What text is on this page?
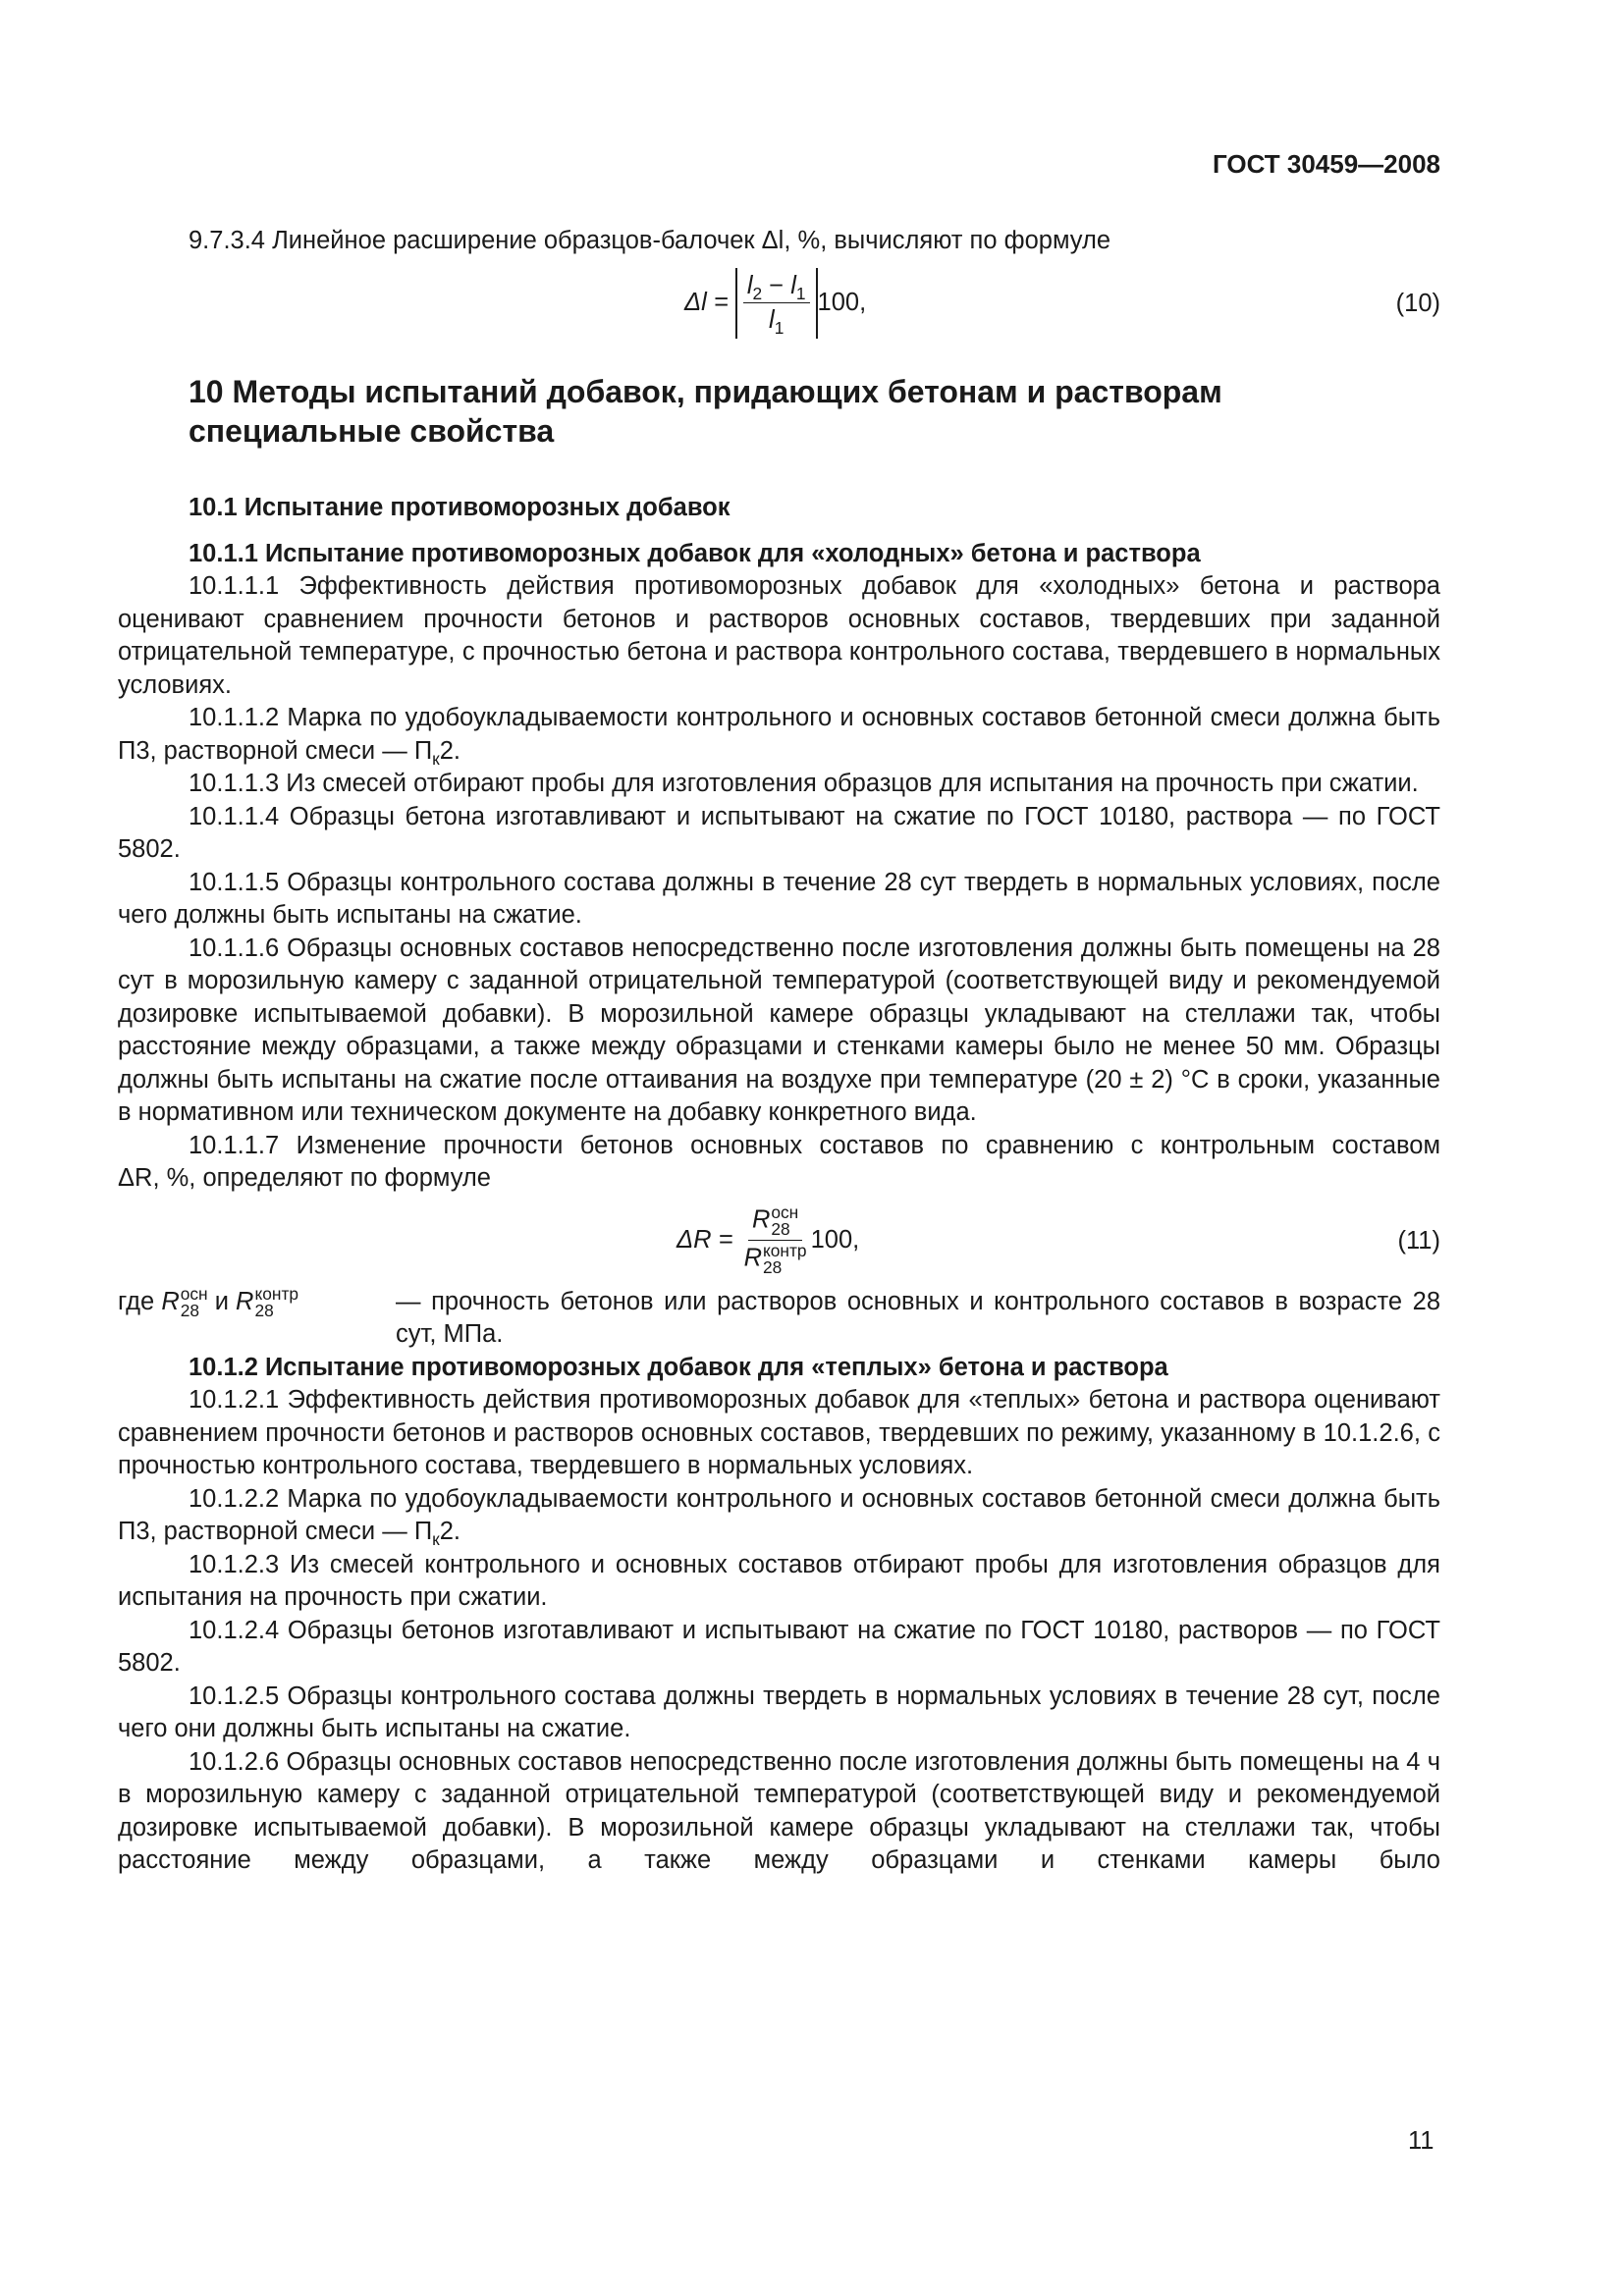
ГОСТ 30459—2008

9.7.3.4 Линейное расширение образцов-балочек Δl, %, вычисляют по формуле

Δl =
$\frac{l_2 - l_1}{l_1} 100$,	(10)
10 Методы испытаний добавок, придающих бетонам и растворам
специальные свойства
10.1 Испытание противоморозных добавок
10.1.1 Испытание противоморозных добавок для «холодных» бетона и раствора

10.1.1.1 Эффективность действия противоморозных добавок для «холодных» бетона и раствора оценивают сравнением прочности бетонов и растворов основных составов, твердевших при заданной отрицательной температуре, с прочностью бетона и раствора контрольного состава, твердевшего в нормальных условиях.

10.1.1.2 Марка по удобоукладываемости контрольного и основных составов бетонной смеси должна быть П3, растворной смеси — $П_к2$.

10.1.1.3 Из смесей отбирают пробы для изготовления образцов для испытания на прочность при сжатии.

10.1.1.4 Образцы бетона изготавливают и испытывают на сжатие по ГОСТ 10180, раствора — по ГОСТ 5802.

10.1.1.5 Образцы контрольного состава должны в течение 28 сут твердеть в нормальных условиях, после чего должны быть испытаны на сжатие.

10.1.1.6 Образцы основных составов непосредственно после изготовления должны быть помещены на 28 сут в морозильную камеру с заданной отрицательной температурой (соответствующей виду и рекомендуемой дозировке испытываемой добавки). В морозильной камере образцы укладывают на стеллажи так, чтобы расстояние между образцами, а также между образцами и стенками камеры было не менее 50 мм. Образцы должны быть испытаны на сжатие после оттаивания на воздухе при температуре (20 ± 2) °С в сроки, указанные в нормативном или техническом документе на добавку конкретного вида.

10.1.1.7 Изменение прочности бетонов основных составов по сравнению с контрольным составом

ΔR, %, определяют по формуле

ΔR =
R осн
28
R контр
28 100,	(11)
где R осн
28 и R контр
28	— прочность бетонов или растворов основных и контрольного составов в возрасте 28 сут, МПа.
10.1.2 Испытание противоморозных добавок для «теплых» бетона и раствора

10.1.2.1 Эффективность действия противоморозных добавок для «теплых» бетона и раствора оценивают сравнением прочности бетонов и растворов основных составов, твердевших по режиму, указанному в 10.1.2.6, с прочностью контрольного состава, твердевшего в нормальных условиях.

10.1.2.2 Марка по удобоукладываемости контрольного и основных составов бетонной смеси должна быть П3, растворной смеси — $П_к2$.

10.1.2.3 Из смесей контрольного и основных составов отбирают пробы для изготовления образцов для испытания на прочность при сжатии.

10.1.2.4 Образцы бетонов изготавливают и испытывают на сжатие по ГОСТ 10180, растворов — по ГОСТ 5802.

10.1.2.5 Образцы контрольного состава должны твердеть в нормальных условиях в течение 28 сут, после чего они должны быть испытаны на сжатие.

10.1.2.6 Образцы основных составов непосредственно после изготовления должны быть помещены на 4 ч в морозильную камеру с заданной отрицательной температурой (соответствующей виду и рекомендуемой дозировке испытываемой добавки). В морозильной камере образцы укладывают на стеллажи так, чтобы расстояние между образцами, а также между образцами и стенками камеры было

11
